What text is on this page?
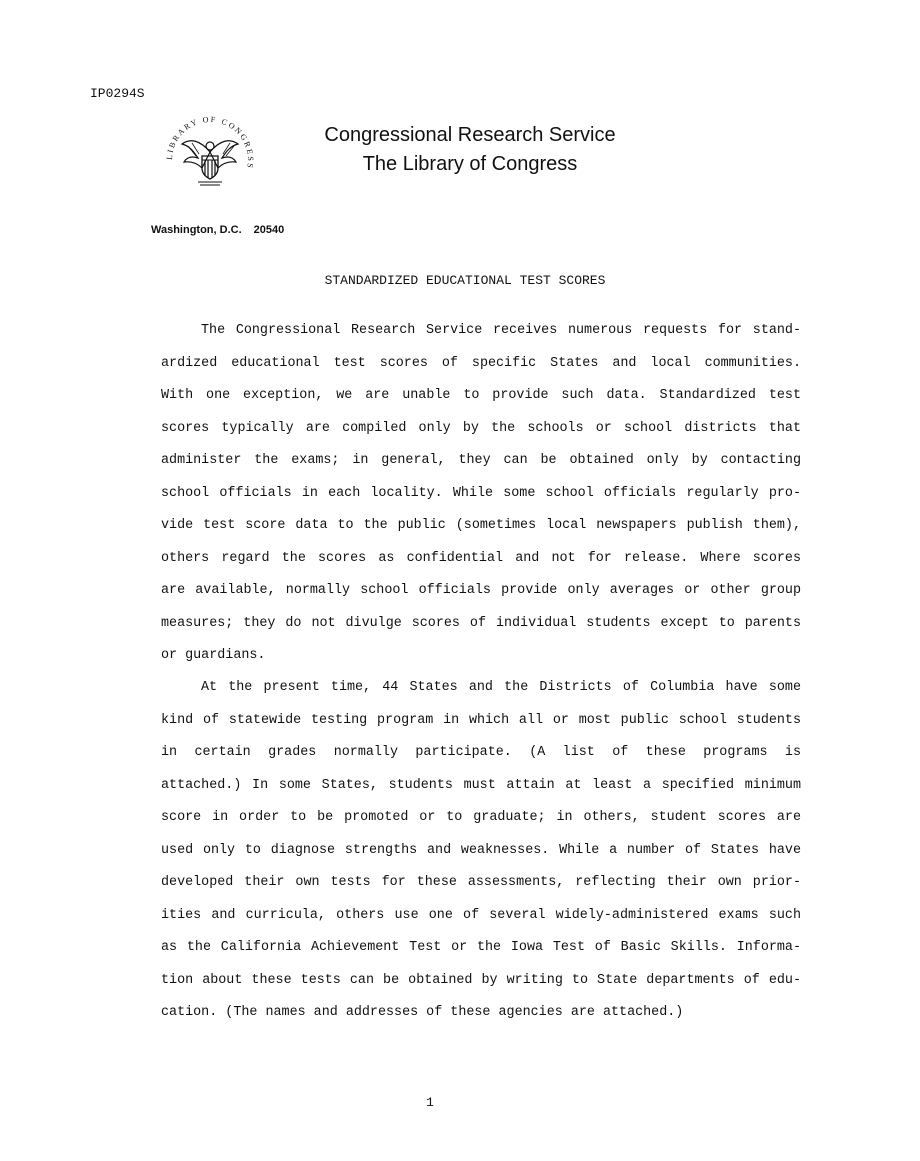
IP0294S
LIBRARY OF CONGRESS
Congressional Research Service
The Library of Congress
Washington, D.C. 20540
STANDARDIZED EDUCATIONAL TEST SCORES
The Congressional Research Service receives numerous requests for stand-
ardized educational test scores of specific States and local communities.
With one exception, we are unable to provide such data. Standardized test
scores typically are compiled only by the schools or school districts that
administer the exams; in general, they can be obtained only by contacting
school officials in each locality. While some school officials regularly pro-
vide test score data to the public (sometimes local newspapers publish them),
others regard the scores as confidential and not for release. Where scores
are available, normally school officials provide only averages or other group
measures; they do not divulge scores of individual students except to parents
or guardians.
At the present time, 44 States and the Districts of Columbia have some
kind of statewide testing program in which all or most public school students
in certain grades normally participate. (A list of these programs is
attached.) In some States, students must attain at least a specified minimum
score in order to be promoted or to graduate; in others, student scores are
used only to diagnose strengths and weaknesses. While a number of States have
developed their own tests for these assessments, reflecting their own prior-
ities and curricula, others use one of several widely-administered exams such
as the California Achievement Test or the Iowa Test of Basic Skills. Informa-
tion about these tests can be obtained by writing to State departments of edu-
cation. (The names and addresses of these agencies are attached.)
1
